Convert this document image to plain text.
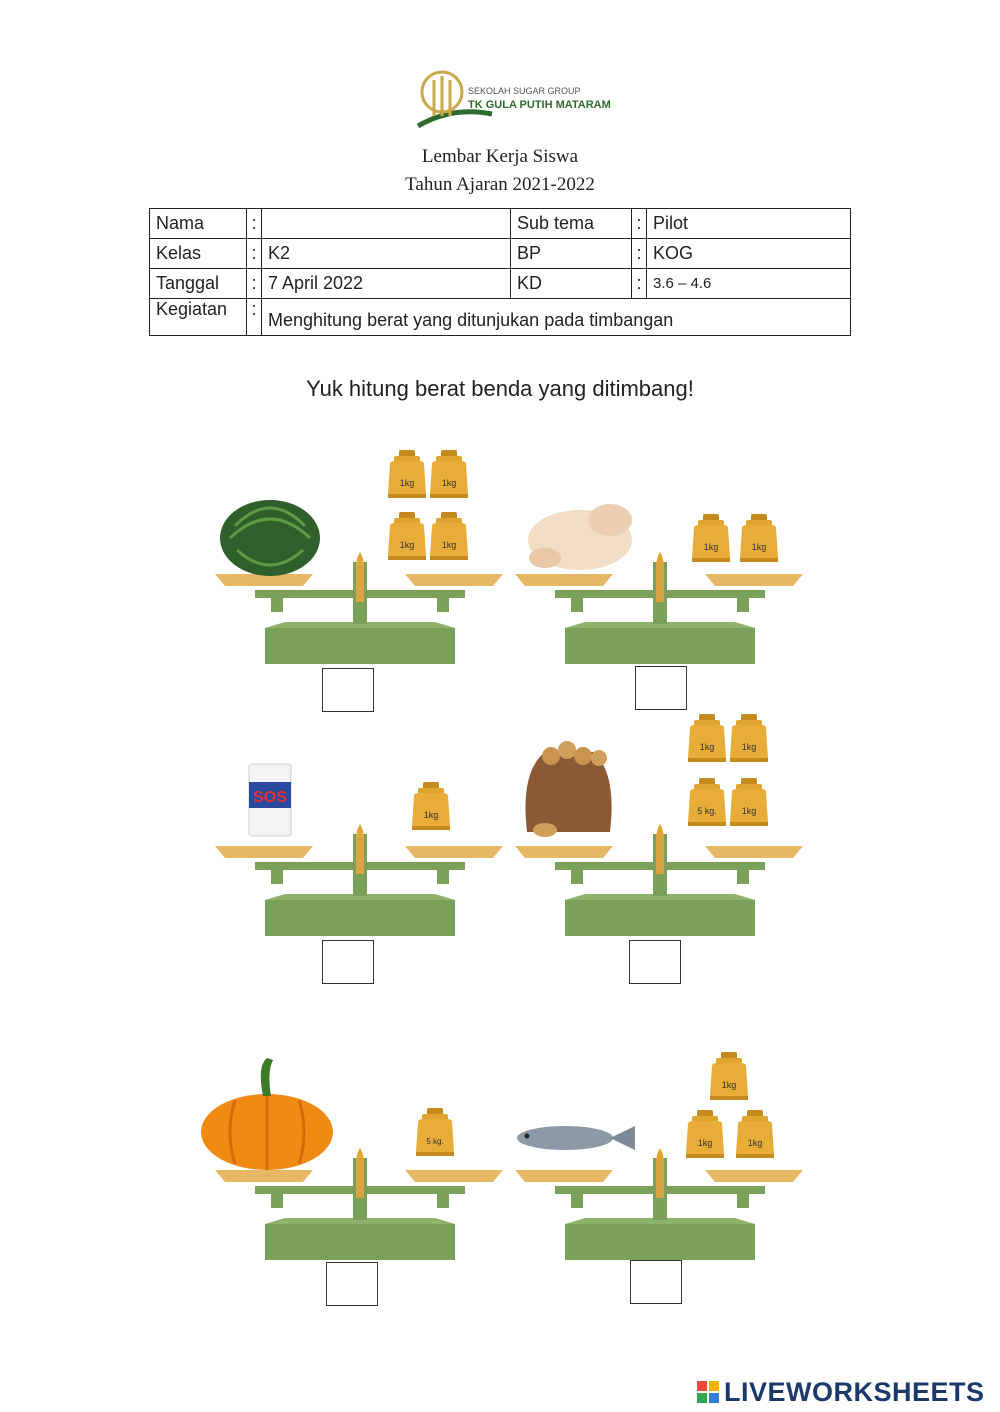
SEKOLAH SUGAR GROUP
TK GULA PUTIH MATARAM
Lembar Kerja Siswa
Tahun Ajaran 2021-2022
Nama	:		Sub tema	:	Pilot
Kelas	:	K2	BP	:	KOG
Tanggal	:	7 April 2022	KD	:	3.6 – 4.6
Kegiatan	:	Menghitung berat yang ditunjukan pada timbangan			
Yuk hitung berat benda yang ditimbang!
1kg	1kg
1kg	1kg	1kg	1kg
SOS
1kg
1kg	1kg
5 kg.	1kg
5 kg.
1kg
1kg	1kg
LIVEWORKSHEETS
